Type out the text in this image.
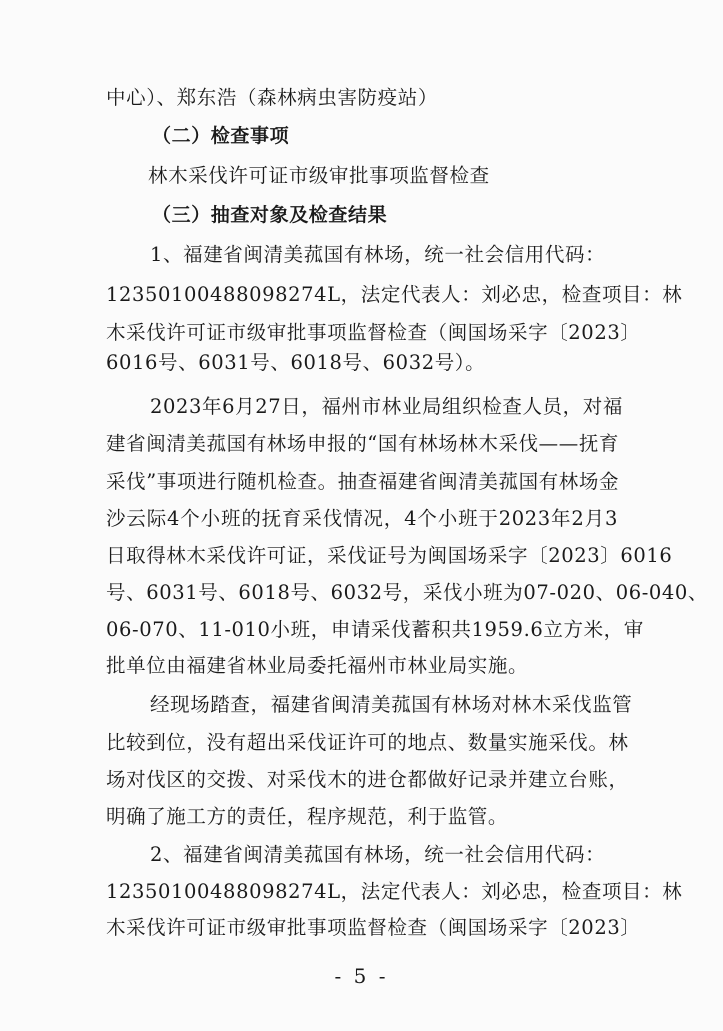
中心）、郑东浩（森林病虫害防疫站）
（二）检查事项
林木采伐许可证市级审批事项监督检查
（三）抽查对象及检查结果
1、福建省闽清美菰国有林场，统一社会信用代码：
12350100488098274L，法定代表人：刘必忠，检查项目：林
木采伐许可证市级审批事项监督检查（闽国场采字〔2023〕
6016号、6031号、6018号、6032号）。
2023年6月27日，福州市林业局组织检查人员，对福
建省闽清美菰国有林场申报的“国有林场林木采伐——抚育
采伐”事项进行随机检查。抽查福建省闽清美菰国有林场金
沙云际4个小班的抚育采伐情况，4个小班于2023年2月3
日取得林木采伐许可证，采伐证号为闽国场采字〔2023〕6016
号、6031号、6018号、6032号，采伐小班为07-020、06-040、
06-070、11-010小班，申请采伐蓄积共1959.6立方米，审
批单位由福建省林业局委托福州市林业局实施。
经现场踏查，福建省闽清美菰国有林场对林木采伐监管
比较到位，没有超出采伐证许可的地点、数量实施采伐。林
场对伐区的交拨、对采伐木的进仓都做好记录并建立台账，
明确了施工方的责任，程序规范，利于监管。
2、福建省闽清美菰国有林场，统一社会信用代码：
12350100488098274L，法定代表人：刘必忠，检查项目：林
木采伐许可证市级审批事项监督检查（闽国场采字〔2023〕
- 5 -
